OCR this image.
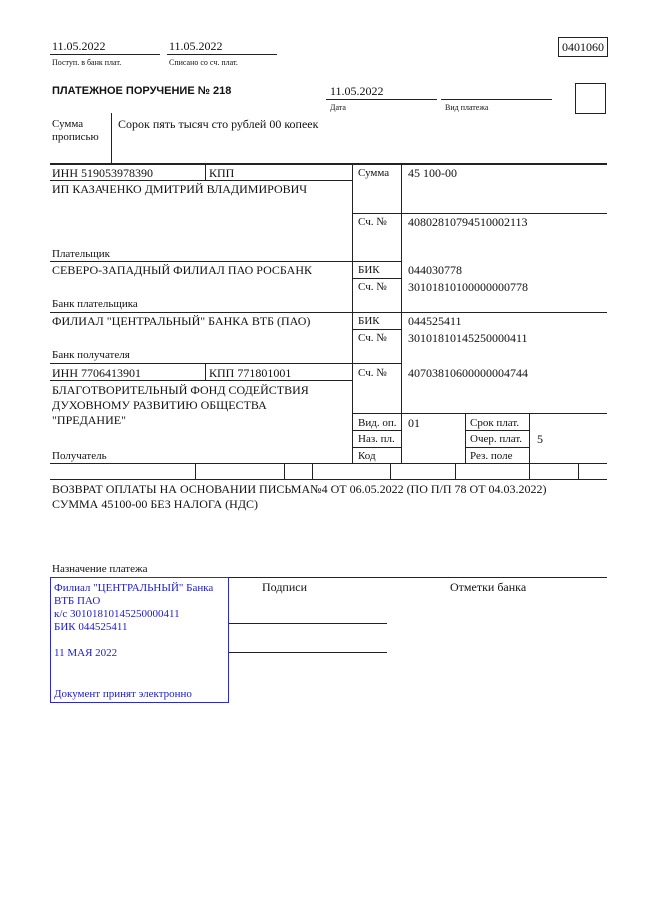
11.05.2022
Поступ. в банк плат.
11.05.2022
Списано со сч. плат.
0401060
ПЛАТЕЖНОЕ ПОРУЧЕНИЕ № 218	11.05.2022
Дата	Вид платежа
Сумма
прописью
Сорок пять тысяч сто рублей 00 копеек
ИНН 519053978390	КПП	Сумма 45 100-00
ИП КАЗАЧЕНКО ДМИТРИЙ ВЛАДИМИРОВИЧ
Сч. № 40802810794510002113
Плательщик
СЕВЕРО-ЗАПАДНЫЙ ФИЛИАЛ ПАО РОСБАНК	БИК 044030778
Сч. № 30101810100000000778
Банк плательщика
ФИЛИАЛ "ЦЕНТРАЛЬНЫЙ" БАНКА ВТБ (ПАО)	БИК 044525411
Сч. № 30101810145250000411
Банк получателя
ИНН 7706413901	КПП 771801001	Сч. № 40703810600000004744
БЛАГОТВОРИТЕЛЬНЫЙ ФОНД СОДЕЙСТВИЯ
ДУХОВНОМУ РАЗВИТИЮ ОБЩЕСТВА
"ПРЕДАНИЕ"
Получатель
Вид. оп. 01	Срок плат.
Наз. пл.	Очер. плат. 5
Код	Рез. поле
ВОЗВРАТ ОПЛАТЫ НА ОСНОВАНИИ ПИСЬМА№4 ОТ 06.05.2022 (ПО П/П 78 ОТ 04.03.2022)
СУММА 45100-00 БЕЗ НАЛОГА (НДС)
Назначение платежа
Подписи	Отметки банка
Филиал "ЦЕНТРАЛЬНЫЙ" Банка
ВТБ ПАО
к/с 30101810145250000411
БИК 044525411
11 МАЯ 2022
Документ принят электронно
